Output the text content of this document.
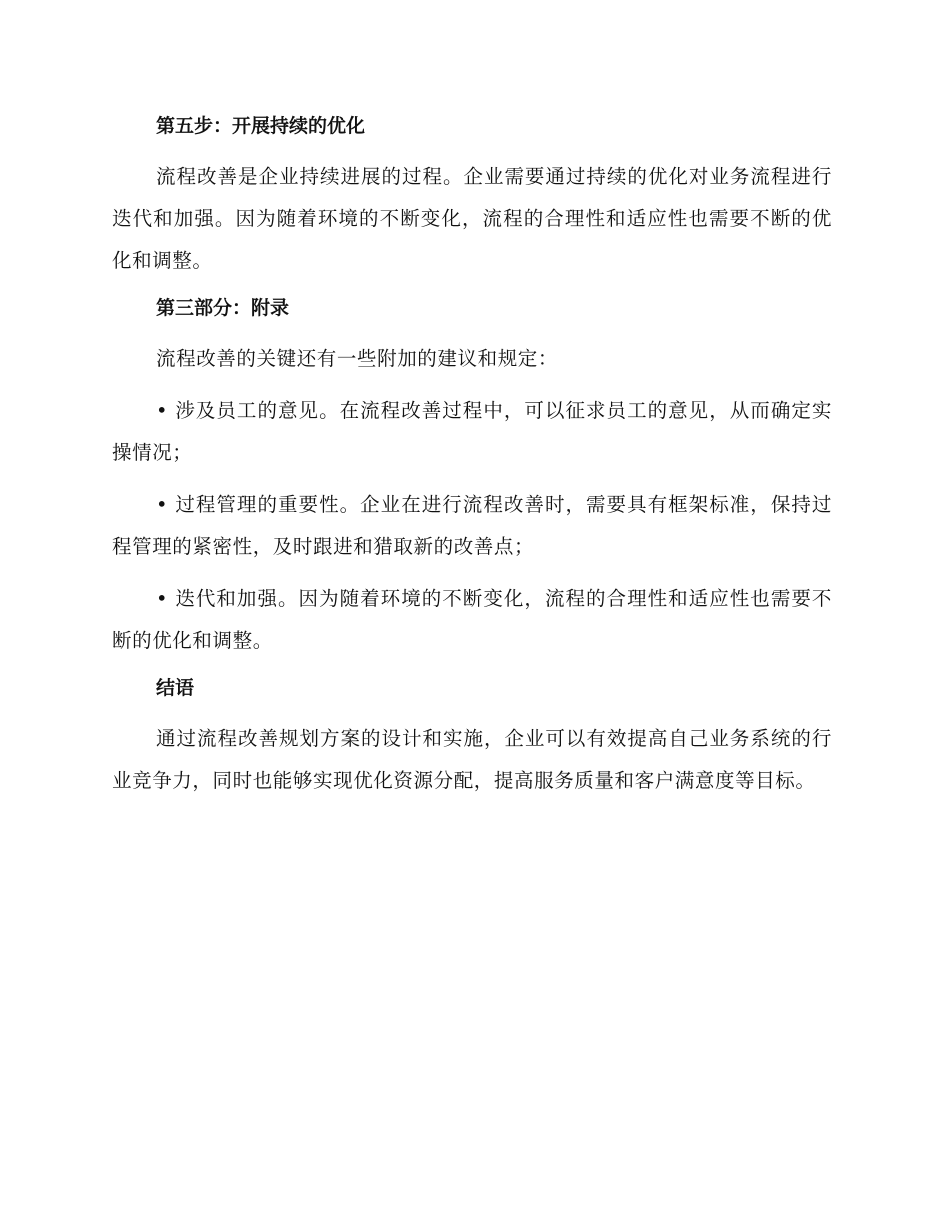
第五步：开展持续的优化

流程改善是企业持续进展的过程。企业需要通过持续的优化对业务流程进行迭代和加强。因为随着环境的不断变化，流程的合理性和适应性也需要不断的优化和调整。

第三部分：附录

流程改善的关键还有一些附加的建议和规定：

• 涉及员工的意见。在流程改善过程中，可以征求员工的意见，从而确定实操情况；

• 过程管理的重要性。企业在进行流程改善时，需要具有框架标准，保持过程管理的紧密性，及时跟进和猎取新的改善点；

• 迭代和加强。因为随着环境的不断变化，流程的合理性和适应性也需要不断的优化和调整。

结语

通过流程改善规划方案的设计和实施，企业可以有效提高自己业务系统的行业竞争力，同时也能够实现优化资源分配，提高服务质量和客户满意度等目标。
